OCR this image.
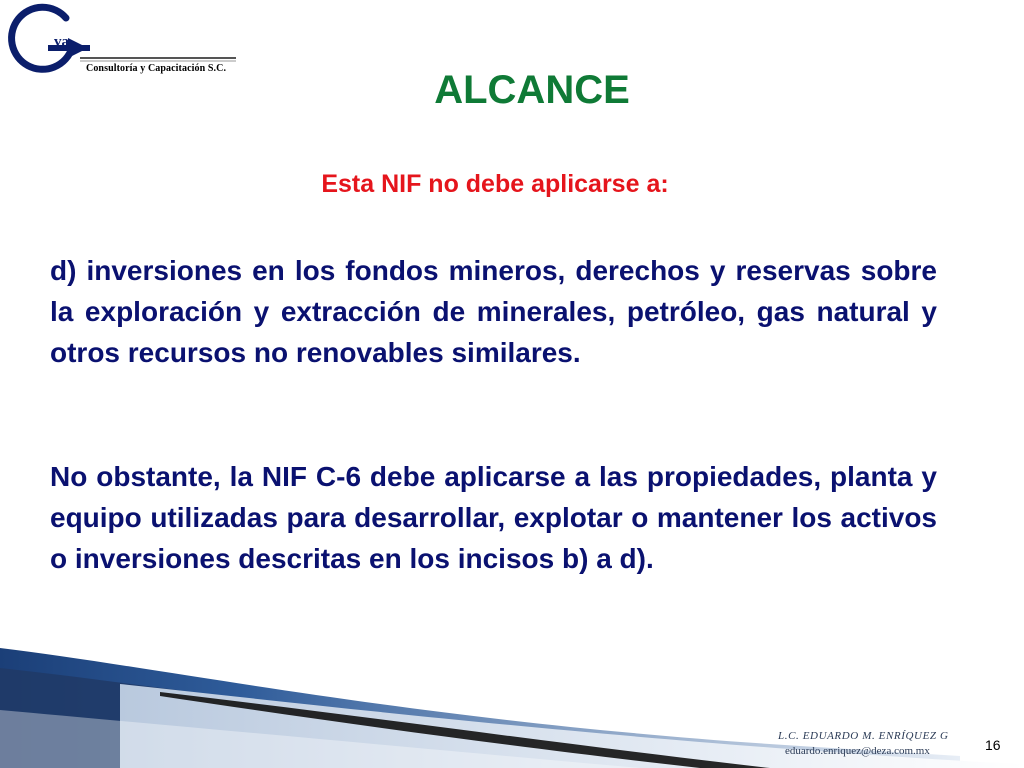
va
Consultoría y Capacitación S.C.	ALCANCE
Esta NIF no debe aplicarse a:

d) inversiones en los fondos mineros, derechos y reservas sobre la exploración y extracción de minerales, petróleo, gas natural y otros recursos no renovables similares.

No obstante, la NIF C-6 debe aplicarse a las propiedades, planta y equipo utilizadas para desarrollar, explotar o mantener los activos o inversiones descritas en los incisos b) a d).

L.C. EDUARDO M. ENRÍQUEZ G
eduardo.enriquez@deza.com.mx	16
